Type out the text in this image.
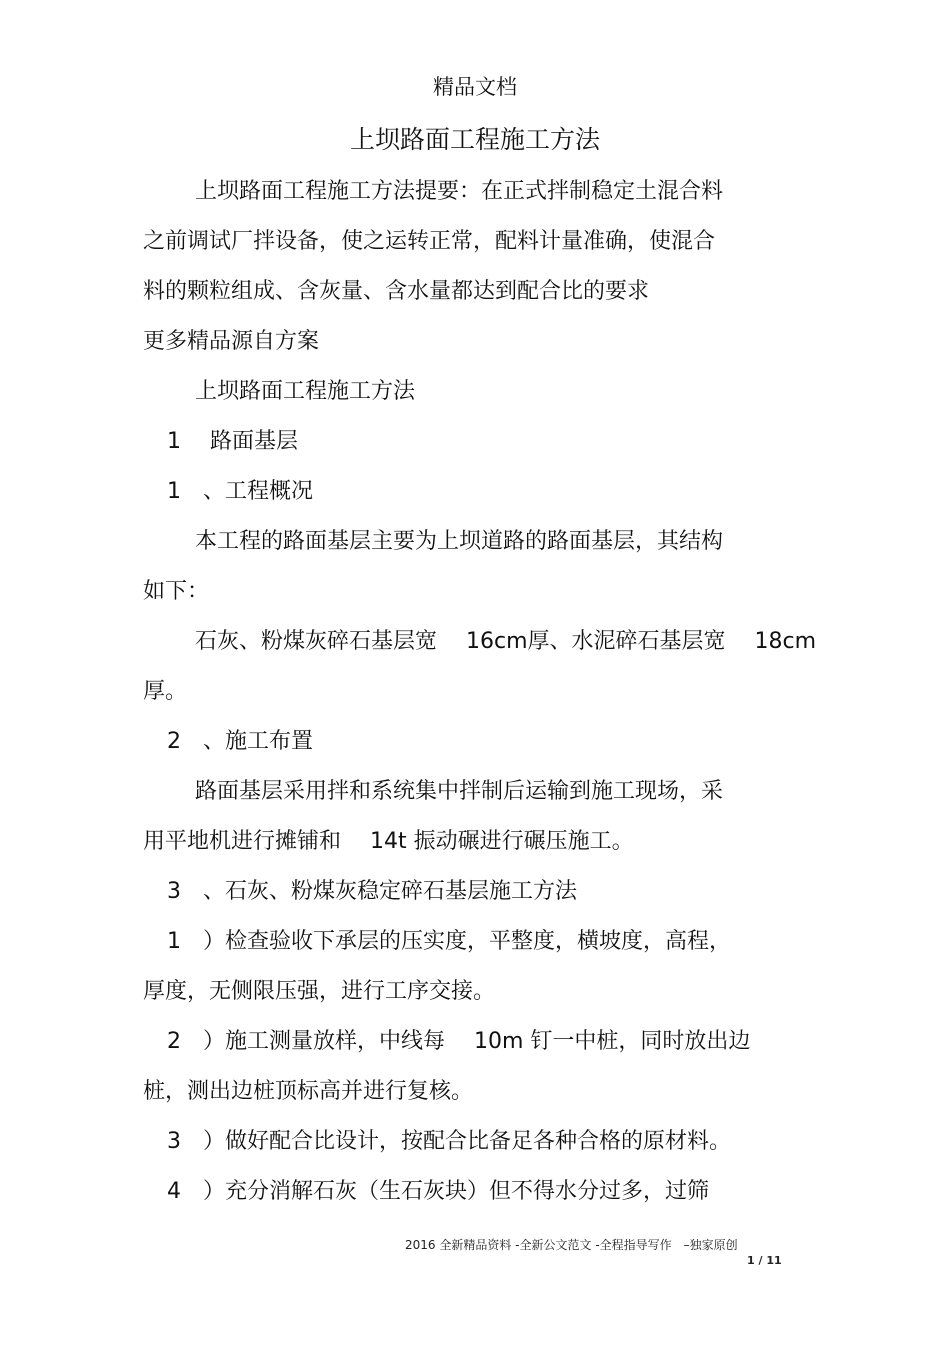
精品文档
上坝路面工程施工方法
上坝路面工程施工方法提要：在正式拌制稳定土混合料
之前调试厂拌设备，使之运转正常，配料计量准确，使混合
料的颗粒组成、含灰量、含水量都达到配合比的要求
更多精品源自方案
上坝路面工程施工方法
1　 路面基层
1　、工程概况
本工程的路面基层主要为上坝道路的路面基层，其结构
如下：
石灰、粉煤灰碎石基层宽　 16cm厚、水泥碎石基层宽　 18cm
厚。
2　、施工布置
路面基层采用拌和系统集中拌制后运输到施工现场，采
用平地机进行摊铺和　 14t 振动碾进行碾压施工。
3　、石灰、粉煤灰稳定碎石基层施工方法
1　）检查验收下承层的压实度，平整度，横坡度，高程，
厚度，无侧限压强，进行工序交接。
2　）施工测量放样，中线每　 10m 钉一中桩，同时放出边
桩，测出边桩顶标高并进行复核。
3　）做好配合比设计，按配合比备足各种合格的原材料。
4　）充分消解石灰（生石灰块）但不得水分过多，过筛
2016 全新精品资料 -全新公文范文 -全程指导写作　–独家原创
1 / 11
